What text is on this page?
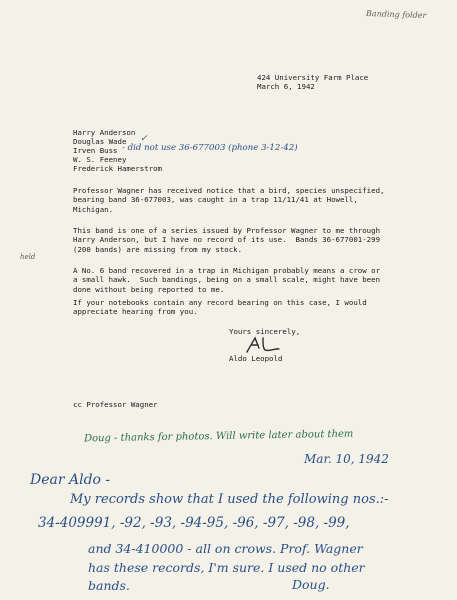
Banding folder
424 University Farm Place
March 6, 1942
Harry Anderson
Douglas Wade ✓
Irven Buss - did not use 36-677003 (phone 3-12-42)
W. S. Feeney
Frederick Hamerstrom
held
Professor Wagner has received notice that a bird, species unspecified,
bearing band 36-677003, was caught in a trap 11/11/41 at Howell,
Michigan.
This band is one of a series issued by Professor Wagner to me through
Harry Anderson, but I have no record of its use.  Bands 36-677001-299
(200 bands) are missing from my stock.
A No. 6 band recovered in a trap in Michigan probably means a crow or
a small hawk.  Such bandings, being on a small scale, might have been
done without being reported to me.
If your notebooks contain any record bearing on this case, I would
appreciate hearing from you.
Yours sincerely,
Aldo Leopold
cc Professor Wagner
Doug - thanks for photos. Will write later about them
Mar. 10, 1942
Dear Aldo -
My records show that I used the following nos.:-
34-409991, -92, -93, -94-95, -96, -97, -98, -99,
and 34-410000 - all on crows. Prof. Wagner
has these records, I'm sure. I used no other
bands.	Doug.
